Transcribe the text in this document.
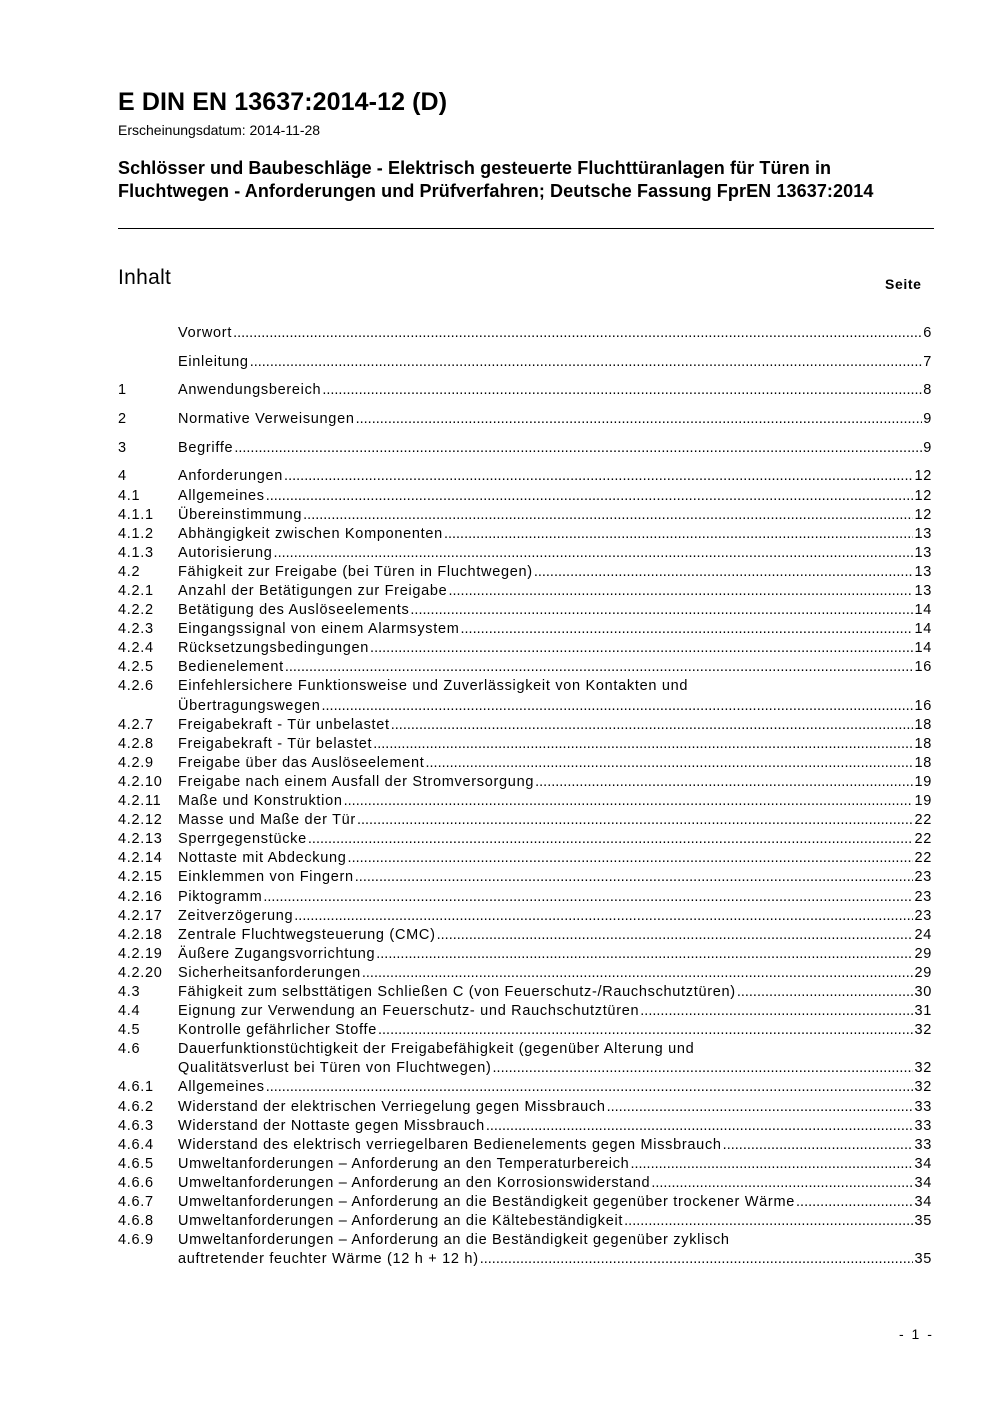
E DIN EN 13637:2014-12 (D)
Erscheinungsdatum: 2014-11-28
Schlösser und Baubeschläge - Elektrisch gesteuerte Fluchttüranlagen für Türen in Fluchtwegen - Anforderungen und Prüfverfahren; Deutsche Fassung FprEN 13637:2014
Inhalt	Seite
Vorwort .....	6
Einleitung .....	7
1	Anwendungsbereich .....	8
2	Normative Verweisungen .....	9
3	Begriffe .....	9
4	Anforderungen .....	12
4.1	Allgemeines .....	12
4.1.1	Übereinstimmung .....	12
4.1.2	Abhängigkeit zwischen Komponenten .....	13
4.1.3	Autorisierung .....	13
4.2	Fähigkeit zur Freigabe (bei Türen in Fluchtwegen) .....	13
4.2.1	Anzahl der Betätigungen zur Freigabe .....	13
4.2.2	Betätigung des Auslöseelements .....	14
4.2.3	Eingangssignal von einem Alarmsystem .....	14
4.2.4	Rücksetzungsbedingungen .....	14
4.2.5	Bedienelement .....	16
4.2.6	Einfehlersichere Funktionsweise und Zuverlässigkeit von Kontakten und
Übertragungswegen .....	16
4.2.7	Freigabekraft - Tür unbelastet .....	18
4.2.8	Freigabekraft - Tür belastet .....	18
4.2.9	Freigabe über das Auslöseelement .....	18
4.2.10	Freigabe nach einem Ausfall der Stromversorgung .....	19
4.2.11	Maße und Konstruktion .....	19
4.2.12	Masse und Maße der Tür .....	22
4.2.13	Sperrgegenstücke .....	22
4.2.14	Nottaste mit Abdeckung .....	22
4.2.15	Einklemmen von Fingern .....	23
4.2.16	Piktogramm .....	23
4.2.17	Zeitverzögerung .....	23
4.2.18	Zentrale Fluchtwegsteuerung (CMC) .....	24
4.2.19	Äußere Zugangsvorrichtung .....	29
4.2.20	Sicherheitsanforderungen .....	29
4.3	Fähigkeit zum selbsttätigen Schließen C (von Feuerschutz-/Rauchschutztüren) .....	30
4.4	Eignung zur Verwendung an Feuerschutz- und Rauchschutztüren .....	31
4.5	Kontrolle gefährlicher Stoffe .....	32
4.6	Dauerfunktionstüchtigkeit der Freigabefähigkeit (gegenüber Alterung und
Qualitätsverlust bei Türen von Fluchtwegen) .....	32
4.6.1	Allgemeines .....	32
4.6.2	Widerstand der elektrischen Verriegelung gegen Missbrauch .....	33
4.6.3	Widerstand der Nottaste gegen Missbrauch .....	33
4.6.4	Widerstand des elektrisch verriegelbaren Bedienelements gegen Missbrauch .....	33
4.6.5	Umweltanforderungen – Anforderung an den Temperaturbereich .....	34
4.6.6	Umweltanforderungen – Anforderung an den Korrosionswiderstand .....	34
4.6.7	Umweltanforderungen – Anforderung an die Beständigkeit gegenüber trockener Wärme .....	34
4.6.8	Umweltanforderungen – Anforderung an die Kältebeständigkeit .....	35
4.6.9	Umweltanforderungen – Anforderung an die Beständigkeit gegenüber zyklisch
auftretender feuchter Wärme (12 h + 12 h) .....	35
- 1 -
